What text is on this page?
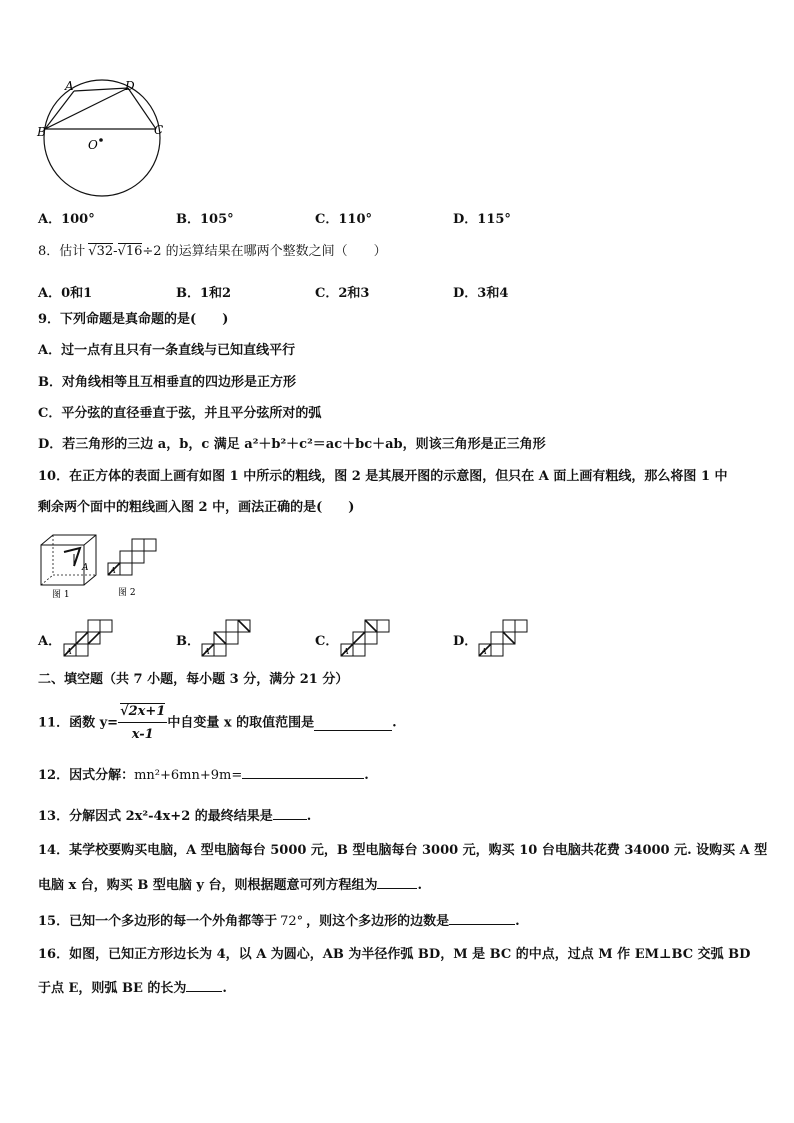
A	D
B	C
O
A．100°	B．105°	C．110°	D．115°
8．估计 √32-√16÷2 的运算结果在哪两个整数之间（　　）
A．0和1	B．1和2	C．2和3	D．3和4
9．下列命题是真命题的是(　　)
A．过一点有且只有一条直线与已知直线平行
B．对角线相等且互相垂直的四边形是正方形
C．平分弦的直径垂直于弦，并且平分弦所对的弧
D．若三角形的三边 a，b，c 满足 a²＋b²＋c²＝ac＋bc＋ab，则该三角形是正三角形
10．在正方体的表面上画有如图 1 中所示的粗线，图 2 是其展开图的示意图，但只在 A 面上画有粗线，那么将图 1 中
剩余两个面中的粗线画入图 2 中，画法正确的是(　　)
A
图 1
A
图 2
A．
A
B．
A
C．
A
D．
A
二、填空题（共 7 小题，每小题 3 分，满分 21 分）
11．函数 $y= \frac{√2x+1}{x-1}$ 中自变量 x 的取值范围是	.
12．因式分解：mn²+6mn+9m=	.
13．分解因式 2x²-4x+2 的最终结果是	.
14．某学校要购买电脑，A 型电脑每台 5000 元，B 型电脑每台 3000 元，购买 10 台电脑共花费 34000 元. 设购买 A 型
电脑 x 台，购买 B 型电脑 y 台，则根据题意可列方程组为	.
15．已知一个多边形的每一个外角都等于 72° ，则这个多边形的边数是	.
16．如图，已知正方形边长为 4，以 A 为圆心，AB 为半径作弧 BD，M 是 BC 的中点，过点 M 作 EM⊥BC 交弧 BD
于点 E，则弧 BE 的长为	.
